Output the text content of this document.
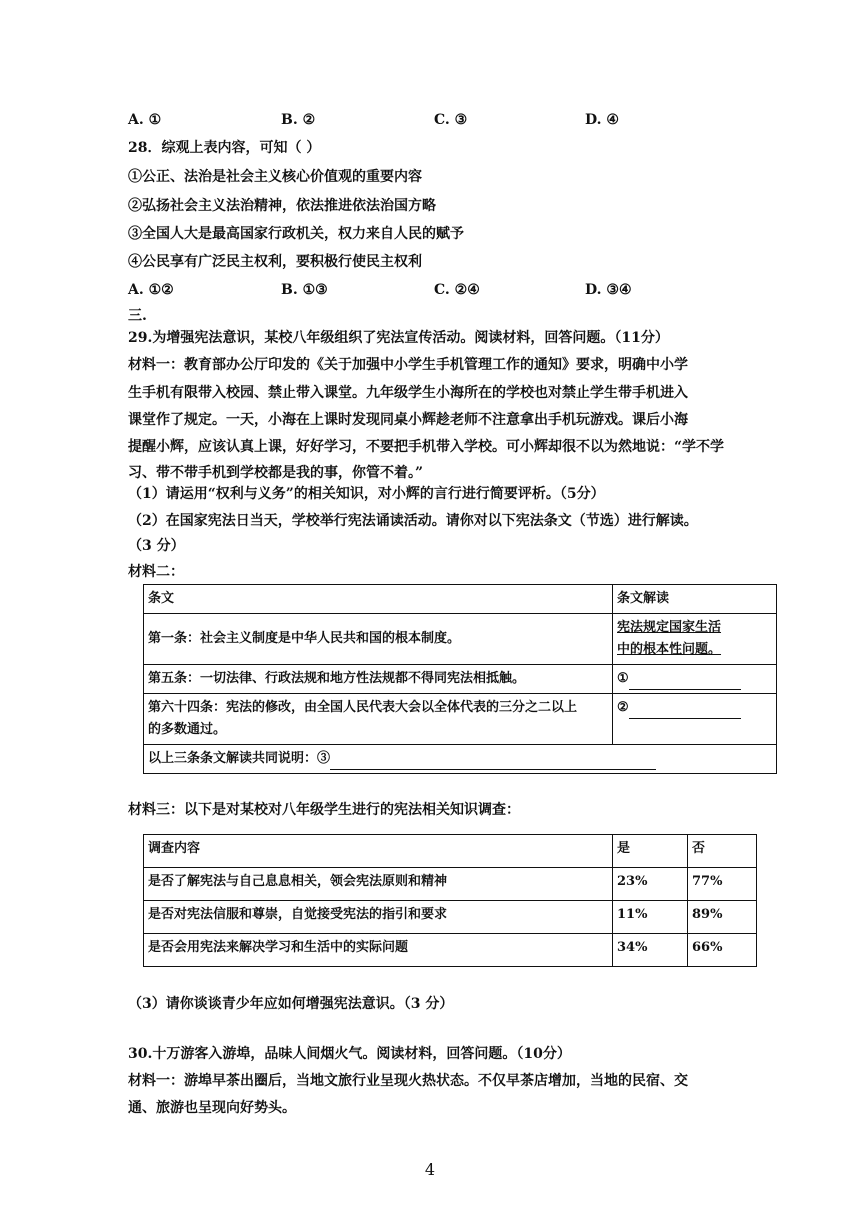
A. ①	B. ②	C. ③	D. ④
28．综观上表内容，可知（ ）
①公正、法治是社会主义核心价值观的重要内容
②弘扬社会主义法治精神，依法推进依法治国方略
③全国人大是最高国家行政机关，权力来自人民的赋予
④公民享有广泛民主权利，要积极行使民主权利
A. ①②	B. ①③	C. ②④	D. ③④
三.
29.为增强宪法意识，某校八年级组织了宪法宣传活动。阅读材料，回答问题。（11分）
材料一：教育部办公厅印发的《关于加强中小学生手机管理工作的通知》要求，明确中小学
生手机有限带入校园、禁止带入课堂。九年级学生小海所在的学校也对禁止学生带手机进入
课堂作了规定。一天，小海在上课时发现同桌小辉趁老师不注意拿出手机玩游戏。课后小海
提醒小辉，应该认真上课，好好学习，不要把手机带入学校。可小辉却很不以为然地说：“学不学
习、带不带手机到学校都是我的事，你管不着。”
（1）请运用“权利与义务”的相关知识，对小辉的言行进行简要评析。（5分）
（2）在国家宪法日当天，学校举行宪法诵读活动。请你对以下宪法条文（节选）进行解读。
（3 分）
材料二：
条文	条文解读
第一条：社会主义制度是中华人民共和国的根本制度。	宪法规定国家生活
中的根本性问题。
第五条：一切法律、行政法规和地方性法规都不得同宪法相抵触。	①
第六十四条：宪法的修改，由全国人民代表大会以全体代表的三分之二以上
的多数通过。	②
以上三条条文解读共同说明：③	
材料三：以下是对某校对八年级学生进行的宪法相关知识调查：
调查内容	是	否
是否了解宪法与自己息息相关，领会宪法原则和精神	23%	77%
是否对宪法信服和尊崇，自觉接受宪法的指引和要求	11%	89%
是否会用宪法来解决学习和生活中的实际问题	34%	66%
（3）请你谈谈青少年应如何增强宪法意识。（3 分）
30.十万游客入游埠，品味人间烟火气。阅读材料，回答问题。（10分）
材料一：游埠早茶出圈后，当地文旅行业呈现火热状态。不仅早茶店增加，当地的民宿、交
通、旅游也呈现向好势头。
4
